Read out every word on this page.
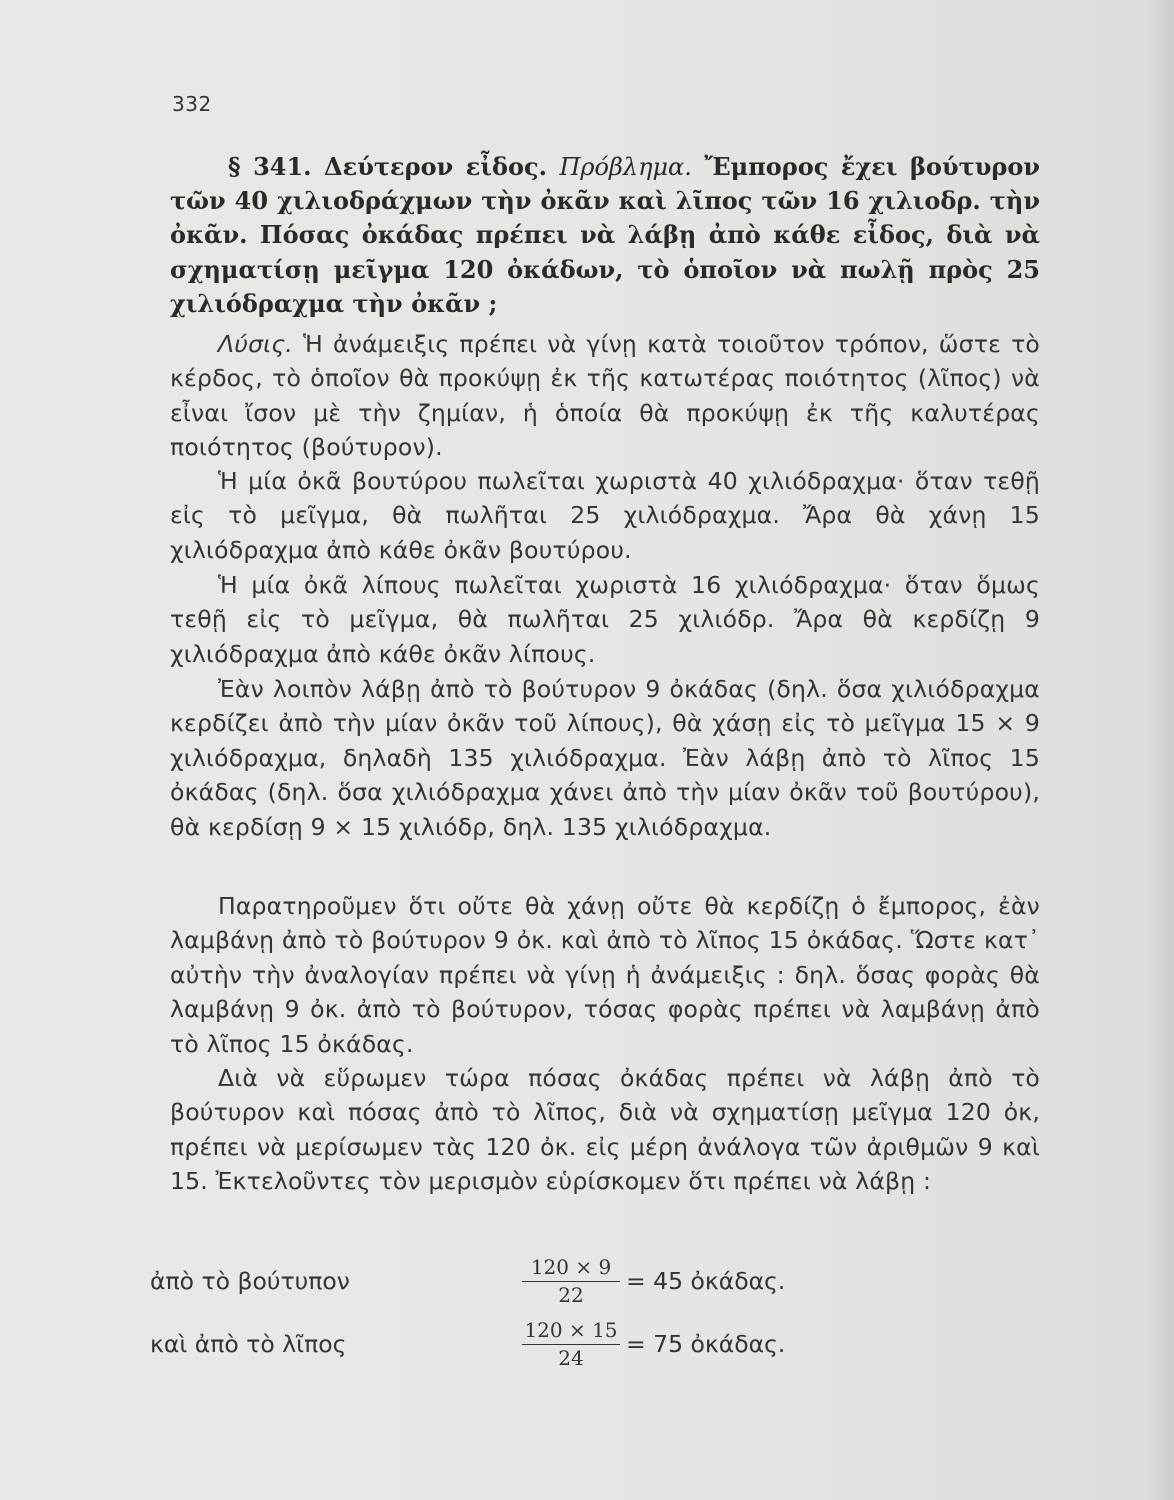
332

§ 341. Δεύτερον εἶδος. Πρόβλημα. Ἔμπορος ἔχει βούτυρον τῶν 40 χιλιοδράχμων τὴν ὀκᾶν καὶ λῖπος τῶν 16 χιλιοδρ. τὴν ὀκᾶν. Πόσας ὀκάδας πρέπει νὰ λάβῃ ἀπὸ κάθε εἶδος, διὰ νὰ σχηματίσῃ μεῖγμα 120 ὀκάδων, τὸ ὁποῖον νὰ πωλῇ πρὸς 25 χιλιόδραχμα τὴν ὀκᾶν ;

Λύσις. Ἡ ἀνάμειξις πρέπει νὰ γίνῃ κατὰ τοιοῦτον τρόπον, ὥστε τὸ κέρδος, τὸ ὁποῖον θὰ προκύψῃ ἐκ τῆς κατωτέρας ποιότητος (λῖπος) νὰ εἶναι ἴσον μὲ τὴν ζημίαν, ἡ ὁποία θὰ προκύψῃ ἐκ τῆς καλυτέρας ποιότητος (βούτυρον).

Ἡ μία ὀκᾶ βουτύρου πωλεῖται χωριστὰ 40 χιλιόδραχμα· ὅταν τεθῇ εἰς τὸ μεῖγμα, θὰ πωλῆται 25 χιλιόδραχμα. Ἄρα θὰ χάνῃ 15 χιλιόδραχμα ἀπὸ κάθε ὀκᾶν βουτύρου.

Ἡ μία ὀκᾶ λίπους πωλεῖται χωριστὰ 16 χιλιόδραχμα· ὅταν ὅμως τεθῇ εἰς τὸ μεῖγμα, θὰ πωλῆται 25 χιλιόδρ. Ἄρα θὰ κερδίζῃ 9 χιλιόδραχμα ἀπὸ κάθε ὀκᾶν λίπους.

Ἐὰν λοιπὸν λάβῃ ἀπὸ τὸ βούτυρον 9 ὀκάδας (δηλ. ὅσα χιλιόδραχμα κερδίζει ἀπὸ τὴν μίαν ὀκᾶν τοῦ λίπους), θὰ χάσῃ εἰς τὸ μεῖγμα 15 × 9 χιλιόδραχμα, δηλαδὴ 135 χιλιόδραχμα. Ἐὰν λάβῃ ἀπὸ τὸ λῖπος 15 ὀκάδας (δηλ. ὅσα χιλιόδραχμα χάνει ἀπὸ τὴν μίαν ὀκᾶν τοῦ βουτύρου), θὰ κερδίσῃ 9 × 15 χιλιόδρ, δηλ. 135 χιλιόδραχμα.

Παρατηροῦμεν ὅτι οὔτε θὰ χάνῃ οὔτε θὰ κερδίζῃ ὁ ἔμπορος, ἐὰν λαμβάνῃ ἀπὸ τὸ βούτυρον 9 ὀκ. καὶ ἀπὸ τὸ λῖπος 15 ὀκάδας. Ὥστε κατ᾽ αὐτὴν τὴν ἀναλογίαν πρέπει νὰ γίνῃ ἡ ἀνάμειξις : δηλ. ὅσας φορὰς θὰ λαμβάνῃ 9 ὀκ. ἀπὸ τὸ βούτυρον, τόσας φορὰς πρέπει νὰ λαμβάνῃ ἀπὸ τὸ λῖπος 15 ὀκάδας.

Διὰ νὰ εὕρωμεν τώρα πόσας ὀκάδας πρέπει νὰ λάβῃ ἀπὸ τὸ βούτυρον καὶ πόσας ἀπὸ τὸ λῖπος, διὰ νὰ σχηματίσῃ μεῖγμα 120 ὀκ, πρέπει νὰ μερίσωμεν τὰς 120 ὀκ. εἰς μέρη ἀνάλογα τῶν ἀριθμῶν 9 καὶ 15. Ἐκτελοῦντες τὸν μερισμὸν εὑρίσκομεν ὅτι πρέπει νὰ λάβῃ :

ἀπὸ τὸ βούτυπον	$\frac{120 \times 9}{22} = 45$ ὀκάδας.
καὶ ἀπὸ τὸ λῖπος	$\frac{120 \times 15}{24} = 75$ ὀκάδας.
